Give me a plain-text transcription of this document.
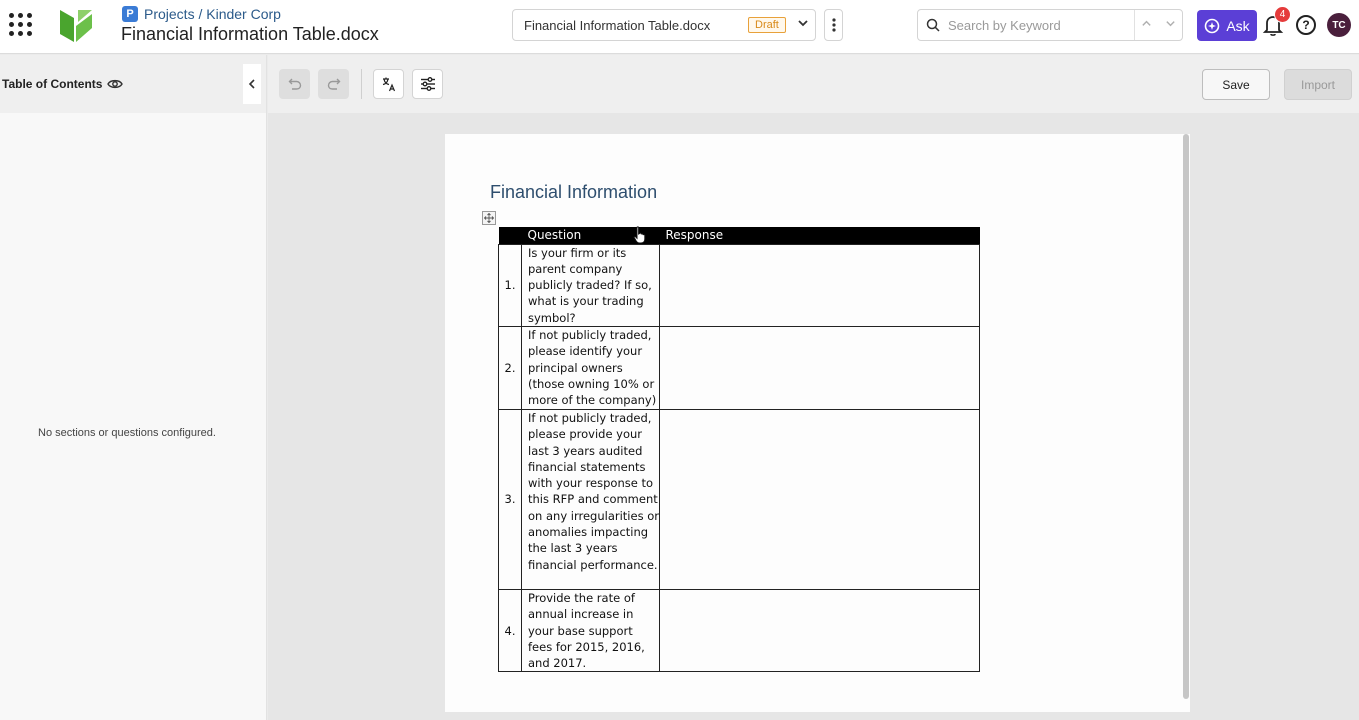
P Projects / Kinder Corp
Financial Information Table.docx	Financial Information Table.docx	Draft
Search by Keyword	Ask
4
?	TC
Table of Contents
No sections or questions configured.
Save	Import
Financial Information
	Question	Response
1.	Is your firm or its parent company publicly traded? If so, what is your trading symbol?	
2.	If not publicly traded, please identify your principal owners (those owning 10% or more of the company)	
3.	If not publicly traded, please provide your last 3 years audited financial statements with your response to this RFP and comment on any irregularities or anomalies impacting the last 3 years financial performance.	
4.	Provide the rate of annual increase in your base support fees for 2015, 2016, and 2017.	
